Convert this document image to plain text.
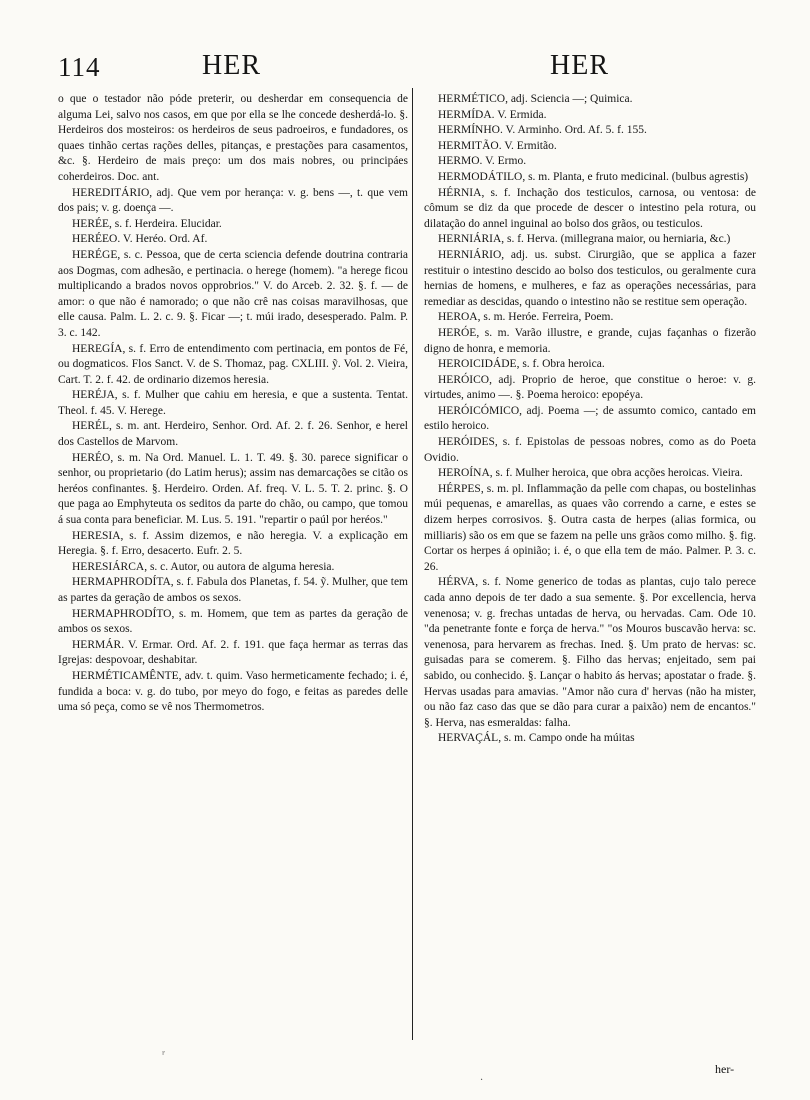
114	HER	HER

o que o testador não póde preterir, ou desherdar em consequencia de alguma Lei, salvo nos casos, em que por ella se lhe concede desherdá-lo. §. Herdeiros dos mosteiros: os herdeiros de seus padroeiros, e fundadores, os quaes tinhão certas rações delles, pitanças, e prestações para casamentos, &c. §. Herdeiro de mais preço: um dos mais nobres, ou principáes coherdeiros. Doc. ant.

HEREDITÁRIO, adj. Que vem por herança: v. g. bens —, t. que vem dos pais; v. g. doença —.

HERÉE, s. f. Herdeira. Elucidar.

HERÉEO. V. Heréo. Ord. Af.

HERÉGE, s. c. Pessoa, que de certa sciencia defende doutrina contraria aos Dogmas, com adhesão, e pertinacia. o herege (homem). "a herege ficou multiplicando a brados novos opprobrios." V. do Arceb. 2. 32. §. f. — de amor: o que não é namorado; o que não crê nas coisas maravilhosas, que elle causa. Palm. L. 2. c. 9. §. Ficar —; t. múi irado, desesperado. Palm. P. 3. c. 142.

HEREGÍA, s. f. Erro de entendimento com pertinacia, em pontos de Fé, ou dogmaticos. Flos Sanct. V. de S. Thomaz, pag. CXLIII. ỹ. Vol. 2. Vieira, Cart. T. 2. f. 42. de ordinario dizemos heresia.

HERÉJA, s. f. Mulher que cahiu em heresia, e que a sustenta. Tentat. Theol. f. 45. V. Herege.

HERÉL, s. m. ant. Herdeiro, Senhor. Ord. Af. 2. f. 26. Senhor, e herel dos Castellos de Marvom.

HERÉO, s. m. Na Ord. Manuel. L. 1. T. 49. §. 30. parece significar o senhor, ou proprietario (do Latim herus); assim nas demarcações se citão os heréos confinantes. §. Herdeiro. Orden. Af. freq. V. L. 5. T. 2. princ. §. O que paga ao Emphyteuta os seditos da parte do chão, ou campo, que tomou á sua conta para beneficiar. M. Lus. 5. 191. "repartir o paúl por heréos."

HERESIA, s. f. Assim dizemos, e não heregia. V. a explicação em Heregia. §. f. Erro, desacerto. Eufr. 2. 5.

HERESIÁRCA, s. c. Autor, ou autora de alguma heresia.

HERMAPHRODÍTA, s. f. Fabula dos Planetas, f. 54. ỹ. Mulher, que tem as partes da geração de ambos os sexos.

HERMAPHRODÍTO, s. m. Homem, que tem as partes da geração de ambos os sexos.

HERMÁR. V. Ermar. Ord. Af. 2. f. 191. que faça hermar as terras das Igrejas: despovoar, deshabitar.

HERMÉTICAMÊNTE, adv. t. quim. Vaso hermeticamente fechado; i. é, fundida a boca: v. g. do tubo, por meyo do fogo, e feitas as paredes delle uma só peça, como se vê nos Thermometros.

HERMÉTICO, adj. Sciencia —; Quimica.

HERMÍDA. V. Ermida.

HERMÍNHO. V. Arminho. Ord. Af. 5. f. 155.

HERMITÃO. V. Ermitão.

HERMO. V. Ermo.

HERMODÁTILO, s. m. Planta, e fruto medicinal. (bulbus agrestis)

HÉRNIA, s. f. Inchação dos testiculos, carnosa, ou ventosa: de cômum se diz da que procede de descer o intestino pela rotura, ou dilatação do annel inguinal ao bolso dos grãos, ou testiculos.

HERNIÁRIA, s. f. Herva. (millegrana maior, ou herniaria, &c.)

HERNIÁRIO, adj. us. subst. Cirurgião, que se applica a fazer restituir o intestino descido ao bolso dos testiculos, ou geralmente cura hernias de homens, e mulheres, e faz as operações necessárias, para remediar as descidas, quando o intestino não se restitue sem operação.

HEROA, s. m. Heróe. Ferreira, Poem.

HERÓE, s. m. Varão illustre, e grande, cujas façanhas o fizerão digno de honra, e memoria.

HEROICIDÁDE, s. f. Obra heroica.

HERÓICO, adj. Proprio de heroe, que constitue o heroe: v. g. virtudes, animo —. §. Poema heroico: epopéya.

HERÓICÓMICO, adj. Poema —; de assumto comico, cantado em estilo heroico.

HERÓIDES, s. f. Epistolas de pessoas nobres, como as do Poeta Ovidio.

HEROÍNA, s. f. Mulher heroica, que obra acções heroicas. Vieira.

HÉRPES, s. m. pl. Inflammação da pelle com chapas, ou bostelinhas múi pequenas, e amarellas, as quaes vão correndo a carne, e estes se dizem herpes corrosivos. §. Outra casta de herpes (alias formica, ou milliaris) são os em que se fazem na pelle uns grãos como milho. §. fig. Cortar os herpes á opinião; i. é, o que ella tem de máo. Palmer. P. 3. c. 26.

HÉRVA, s. f. Nome generico de todas as plantas, cujo talo perece cada anno depois de ter dado a sua semente. §. Por excellencia, herva venenosa; v. g. frechas untadas de herva, ou hervadas. Cam. Ode 10. "da penetrante fonte e força de herva." "os Mouros buscavão herva: sc. venenosa, para hervarem as frechas. Ined. §. Um prato de hervas: sc. guisadas para se comerem. §. Filho das hervas; enjeitado, sem pai sabido, ou conhecido. §. Lançar o habito ás hervas; apostatar o frade. §. Hervas usadas para amavias. "Amor não cura d' hervas (não ha mister, ou não faz caso das que se dão para curar a paixão) nem de encantos." §. Herva, nas esmeraldas: falha.

HERVAÇÁL, s. m. Campo onde ha múitas

her-
ʳ
·
